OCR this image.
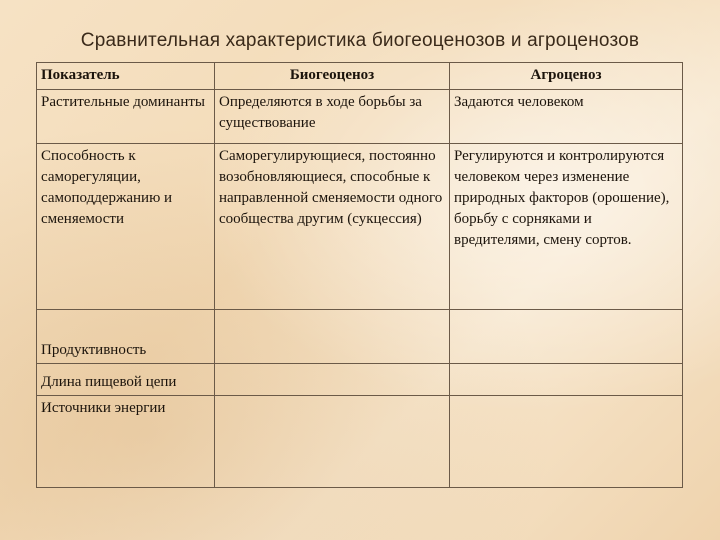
Сравнительная характеристика биогеоценозов и агроценозов
Показатель	Биогеоценоз	Агроценоз
Растительные доминанты	Определяются в ходе борьбы за существование	Задаются человеком
Способность к саморегуляции, самоподдержанию и сменяемости	Саморегулирующиеся, постоянно возобновляющиеся, способные к направленной сменяемости одного сообщества другим (сукцессия)	Регулируются и контролируются человеком через изменение природных факторов (орошение), борьбу с сорняками и вредителями, смену сортов.
Продуктивность		
Длина пищевой цепи		
Источники энергии		
